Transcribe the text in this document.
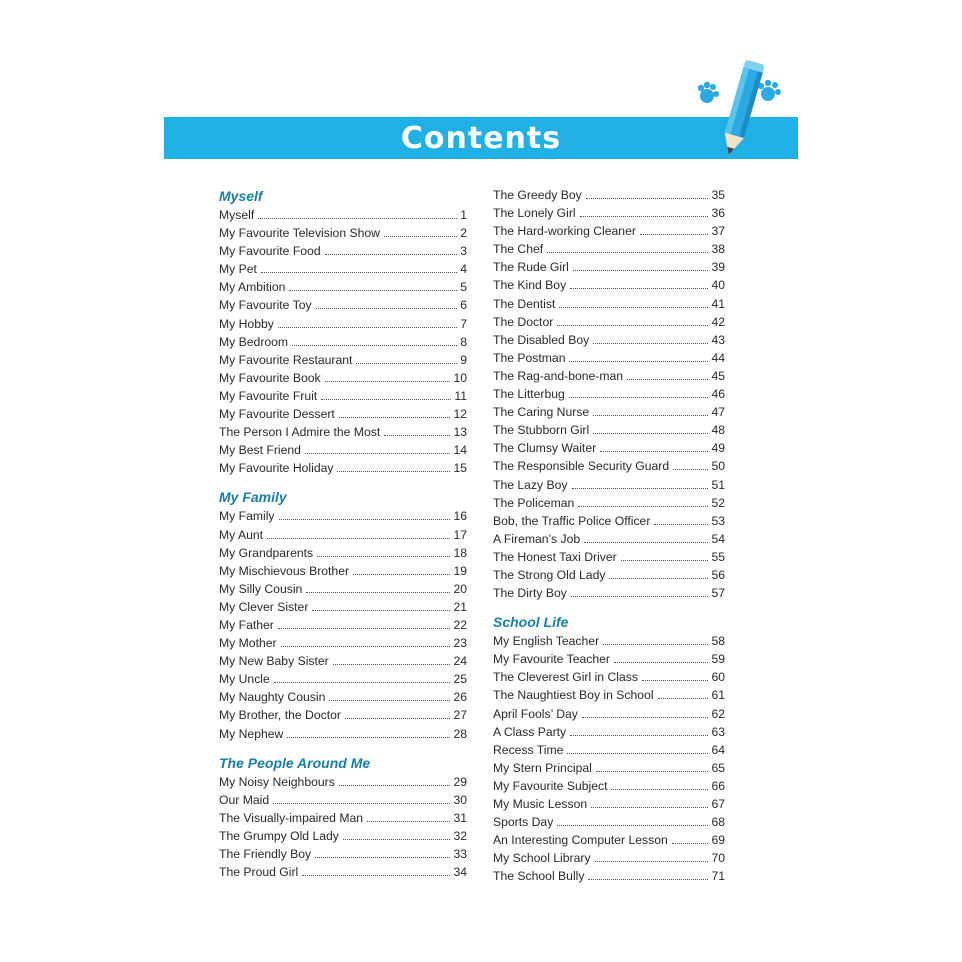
Contents
Myself
Myself	1
My Favourite Television Show	2
My Favourite Food	3
My Pet	4
My Ambition	5
My Favourite Toy	6
My Hobby	7
My Bedroom	8
My Favourite Restaurant	9
My Favourite Book	10
My Favourite Fruit	11
My Favourite Dessert	12
The Person I Admire the Most	13
My Best Friend	14
My Favourite Holiday	15
My Family
My Family	16
My Aunt	17
My Grandparents	18
My Mischievous Brother	19
My Silly Cousin	20
My Clever Sister	21
My Father	22
My Mother	23
My New Baby Sister	24
My Uncle	25
My Naughty Cousin	26
My Brother, the Doctor	27
My Nephew	28
The People Around Me
My Noisy Neighbours	29
Our Maid	30
The Visually-impaired Man	31
The Grumpy Old Lady	32
The Friendly Boy	33
The Proud Girl	34
The Greedy Boy	35
The Lonely Girl	36
The Hard-working Cleaner	37
The Chef	38
The Rude Girl	39
The Kind Boy	40
The Dentist	41
The Doctor	42
The Disabled Boy	43
The Postman	44
The Rag-and-bone-man	45
The Litterbug	46
The Caring Nurse	47
The Stubborn Girl	48
The Clumsy Waiter	49
The Responsible Security Guard	50
The Lazy Boy	51
The Policeman	52
Bob, the Traffic Police Officer	53
A Fireman’s Job	54
The Honest Taxi Driver	55
The Strong Old Lady	56
The Dirty Boy	57
School Life
My English Teacher	58
My Favourite Teacher	59
The Cleverest Girl in Class	60
The Naughtiest Boy in School	61
April Fools’ Day	62
A Class Party	63
Recess Time	64
My Stern Principal	65
My Favourite Subject	66
My Music Lesson	67
Sports Day	68
An Interesting Computer Lesson	69
My School Library	70
The School Bully	71
